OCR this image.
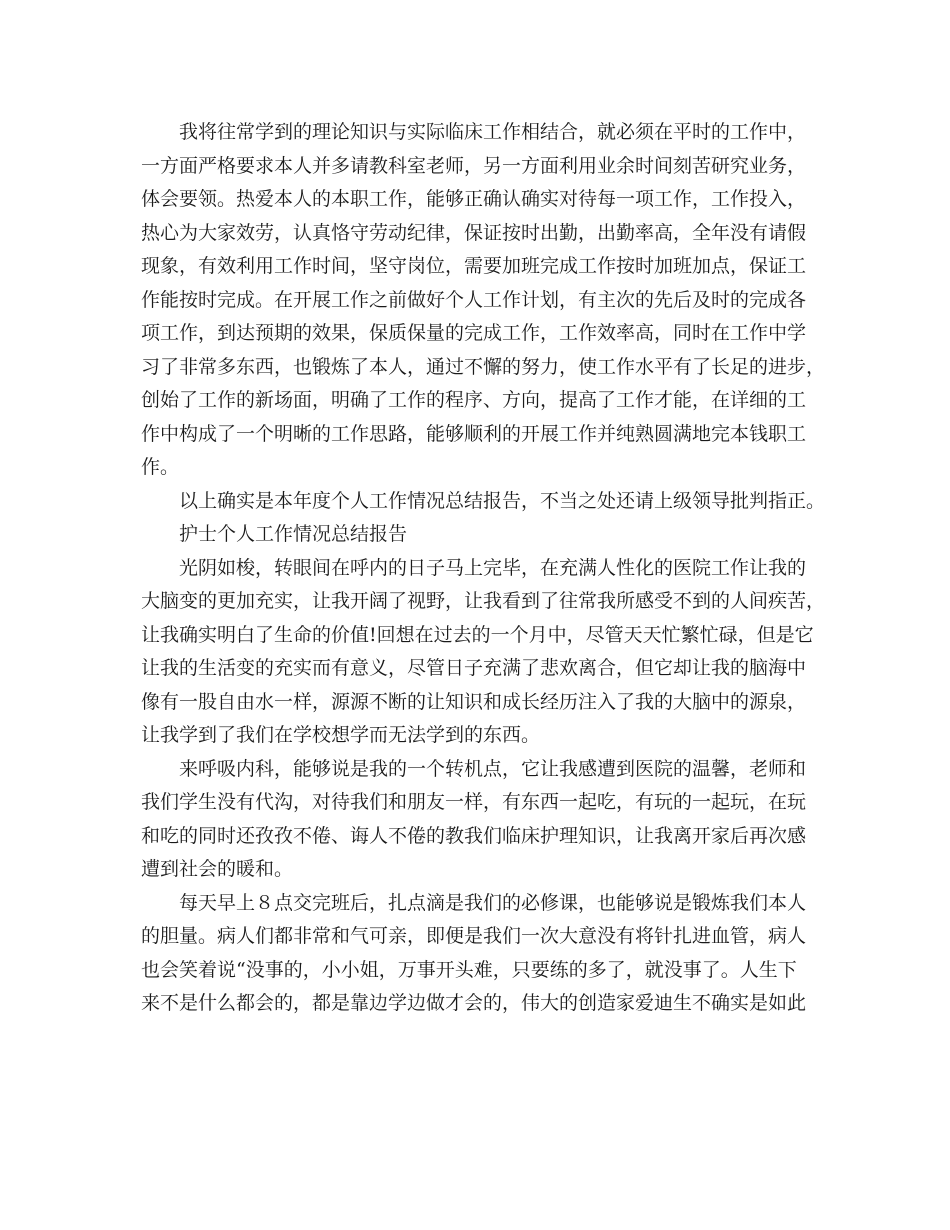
我将往常学到的理论知识与实际临床工作相结合，就必须在平时的工作中，
一方面严格要求本人并多请教科室老师，另一方面利用业余时间刻苦研究业务，
体会要领。热爱本人的本职工作，能够正确认确实对待每一项工作，工作投入，
热心为大家效劳，认真恪守劳动纪律，保证按时出勤，出勤率高，全年没有请假
现象，有效利用工作时间，坚守岗位，需要加班完成工作按时加班加点，保证工
作能按时完成。在开展工作之前做好个人工作计划，有主次的先后及时的完成各
项工作，到达预期的效果，保质保量的完成工作，工作效率高，同时在工作中学
习了非常多东西，也锻炼了本人，通过不懈的努力，使工作水平有了长足的进步，
创始了工作的新场面，明确了工作的程序、方向，提高了工作才能，在详细的工
作中构成了一个明晰的工作思路，能够顺利的开展工作并纯熟圆满地完本钱职工
作。
以上确实是本年度个人工作情况总结报告，不当之处还请上级领导批判指正。
护士个人工作情况总结报告
光阴如梭，转眼间在呼内的日子马上完毕，在充满人性化的医院工作让我的
大脑变的更加充实，让我开阔了视野，让我看到了往常我所感受不到的人间疾苦，
让我确实明白了生命的价值!回想在过去的一个月中，尽管天天忙繁忙碌，但是它
让我的生活变的充实而有意义，尽管日子充满了悲欢离合，但它却让我的脑海中
像有一股自由水一样，源源不断的让知识和成长经历注入了我的大脑中的源泉，
让我学到了我们在学校想学而无法学到的东西。
来呼吸内科，能够说是我的一个转机点，它让我感遭到医院的温馨，老师和
我们学生没有代沟，对待我们和朋友一样，有东西一起吃，有玩的一起玩，在玩
和吃的同时还孜孜不倦、诲人不倦的教我们临床护理知识，让我离开家后再次感
遭到社会的暖和。
每天早上８点交完班后，扎点滴是我们的必修课，也能够说是锻炼我们本人
的胆量。病人们都非常和气可亲，即便是我们一次大意没有将针扎进血管，病人
也会笑着说“没事的，小小姐，万事开头难，只要练的多了，就没事了。人生下
来不是什么都会的，都是靠边学边做才会的，伟大的创造家爱迪生不确实是如此
